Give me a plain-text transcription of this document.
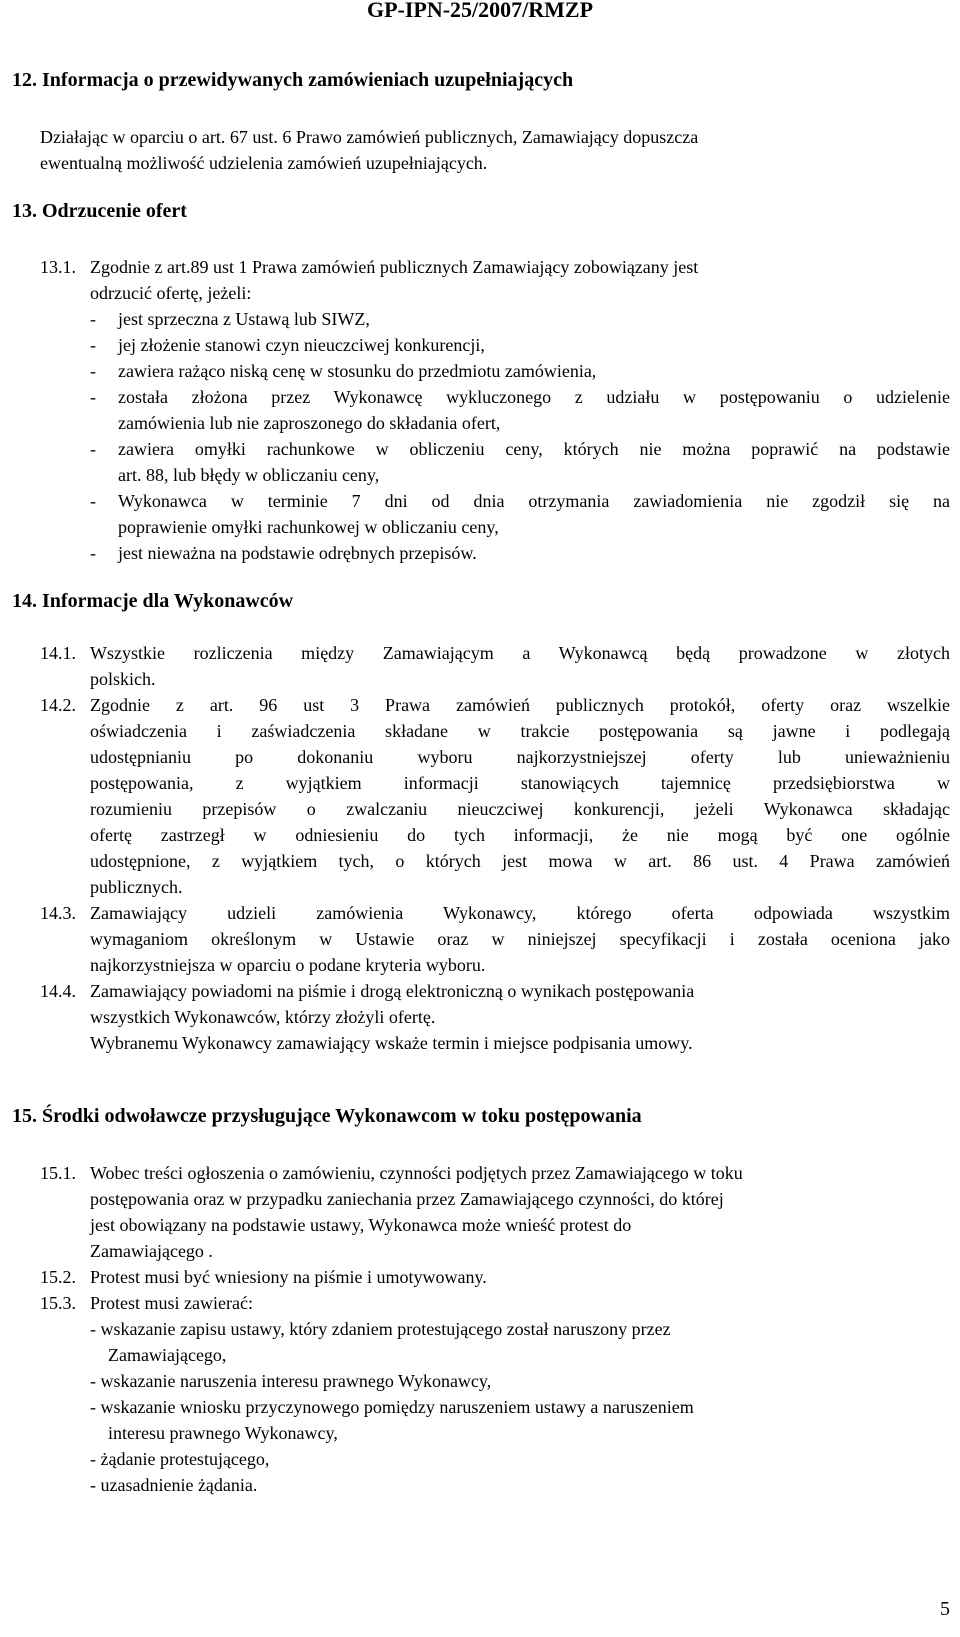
GP-IPN-25/2007/RMZP
12. Informacja o przewidywanych zamówieniach uzupełniających
Działając w oparciu o art. 67 ust. 6 Prawo zamówień publicznych, Zamawiający dopuszcza
ewentualną możliwość udzielenia zamówień uzupełniających.
13. Odrzucenie ofert
13.1. Zgodnie z art.89 ust 1 Prawa zamówień publicznych Zamawiający zobowiązany jest
odrzucić ofertę, jeżeli:
- jest sprzeczna z Ustawą lub SIWZ,
- jej złożenie stanowi czyn nieuczciwej konkurencji,
- zawiera rażąco niską cenę w stosunku do przedmiotu zamówienia,
- została złożona przez Wykonawcę wykluczonego z udziału w postępowaniu o udzielenie
zamówienia lub nie zaproszonego do składania ofert,
- zawiera omyłki rachunkowe w obliczeniu ceny, których nie można poprawić na podstawie
art. 88, lub błędy w obliczaniu ceny,
- Wykonawca w terminie 7 dni od dnia otrzymania zawiadomienia nie zgodził się na
poprawienie omyłki rachunkowej w obliczaniu ceny,
- jest nieważna na podstawie odrębnych przepisów.
14. Informacje dla Wykonawców
14.1. Wszystkie rozliczenia między Zamawiającym a Wykonawcą będą prowadzone w złotych
polskich.
14.2. Zgodnie z art. 96 ust 3 Prawa zamówień publicznych protokół, oferty oraz wszelkie
oświadczenia i zaświadczenia składane w trakcie postępowania są jawne i podlegają
udostępnianiu po dokonaniu wyboru najkorzystniejszej oferty lub unieważnieniu
postępowania, z wyjątkiem informacji stanowiących tajemnicę przedsiębiorstwa w
rozumieniu przepisów o zwalczaniu nieuczciwej konkurencji, jeżeli Wykonawca składając
ofertę zastrzegł w odniesieniu do tych informacji, że nie mogą być one ogólnie
udostępnione, z wyjątkiem tych, o których jest mowa w art. 86 ust. 4 Prawa zamówień
publicznych.
14.3. Zamawiający udzieli zamówienia Wykonawcy, którego oferta odpowiada wszystkim
wymaganiom określonym w Ustawie oraz w niniejszej specyfikacji i została oceniona jako
najkorzystniejsza w oparciu o podane kryteria wyboru.
14.4. Zamawiający powiadomi na piśmie i drogą elektroniczną o wynikach postępowania
wszystkich Wykonawców, którzy złożyli ofertę.
Wybranemu Wykonawcy zamawiający wskaże termin i miejsce podpisania umowy.
15. Środki odwoławcze przysługujące Wykonawcom w toku postępowania
15.1. Wobec treści ogłoszenia o zamówieniu, czynności podjętych przez Zamawiającego w toku
postępowania oraz w przypadku zaniechania przez Zamawiającego czynności, do której
jest obowiązany na podstawie ustawy, Wykonawca może wnieść protest do
Zamawiającego .
15.2. Protest musi być wniesiony na piśmie i umotywowany.
15.3. Protest musi zawierać:
- wskazanie zapisu ustawy, który zdaniem protestującego został naruszony przez
Zamawiającego,
- wskazanie naruszenia interesu prawnego Wykonawcy,
- wskazanie wniosku przyczynowego pomiędzy naruszeniem ustawy a naruszeniem
interesu prawnego Wykonawcy,
- żądanie protestującego,
- uzasadnienie żądania.
5
